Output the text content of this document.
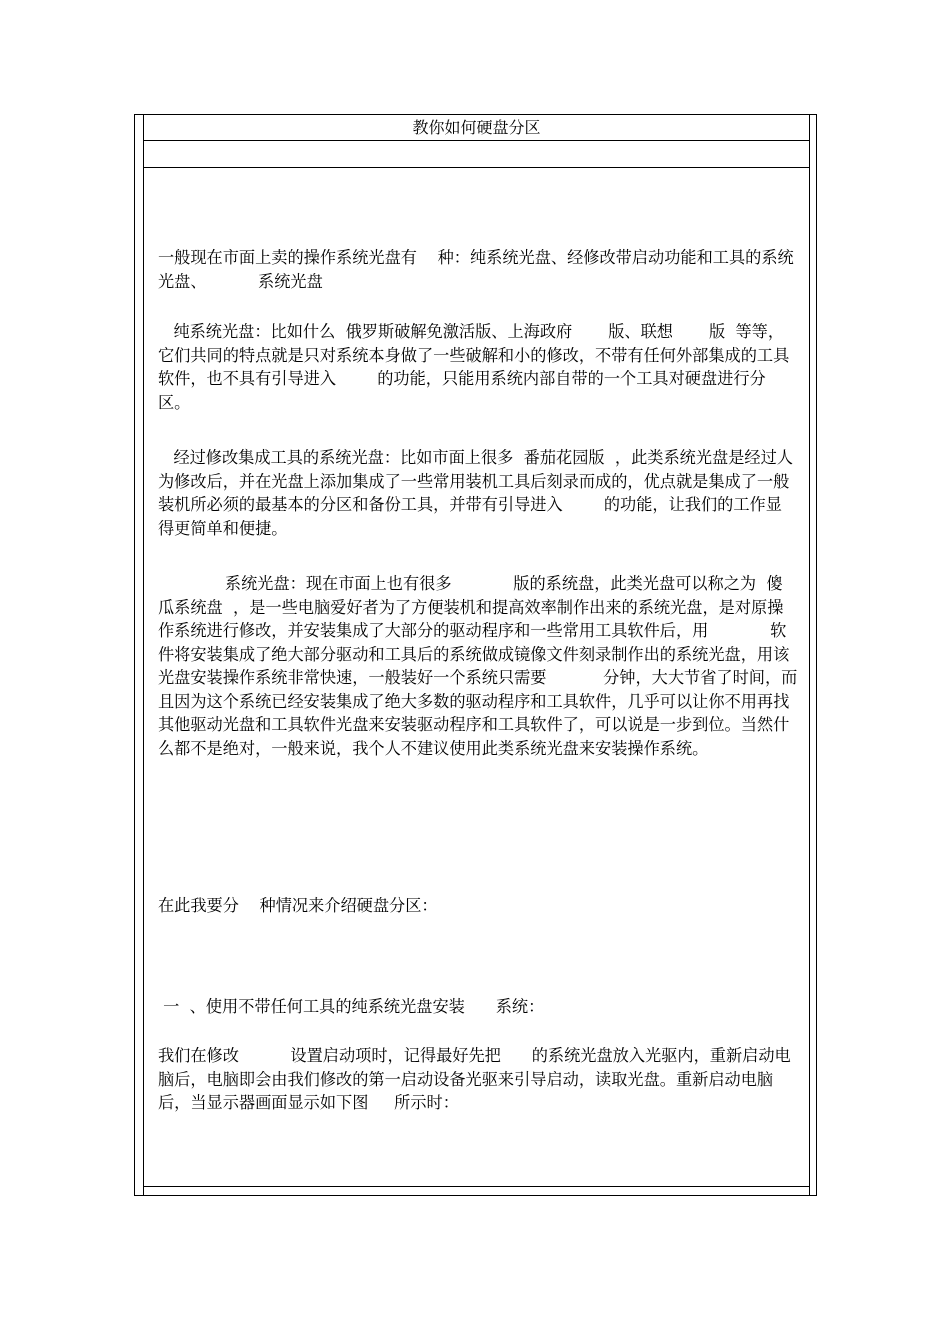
教你如何硬盘分区

一般现在市面上卖的操作系统光盘有    种：纯系统光盘、经修改带启动功能和工具的系统光盘、          系统光盘

纯系统光盘：比如什么  俄罗斯破解免激活版、上海政府       版、联想       版  等等，它们共同的特点就是只对系统本身做了一些破解和小的修改，不带有任何外部集成的工具软件，也不具有引导进入        的功能，只能用系统内部自带的一个工具对硬盘进行分区。

经过修改集成工具的系统光盘：比如市面上很多  番茄花园版  ，此类系统光盘是经过人为修改后，并在光盘上添加集成了一些常用装机工具后刻录而成的，优点就是集成了一般装机所必须的最基本的分区和备份工具，并带有引导进入        的功能，让我们的工作显得更简单和便捷。

系统光盘：现在市面上也有很多            版的系统盘，此类光盘可以称之为  傻瓜系统盘  ，是一些电脑爱好者为了方便装机和提高效率制作出来的系统光盘，是对原操作系统进行修改，并安装集成了大部分的驱动程序和一些常用工具软件后，用            软件将安装集成了绝大部分驱动和工具后的系统做成镜像文件刻录制作出的系统光盘，用该光盘安装操作系统非常快速，一般装好一个系统只需要           分钟，大大节省了时间，而且因为这个系统已经安装集成了绝大多数的驱动程序和工具软件，几乎可以让你不用再找其他驱动光盘和工具软件光盘来安装驱动程序和工具软件了，可以说是一步到位。当然什么都不是绝对，一般来说，我个人不建议使用此类系统光盘来安装操作系统。

在此我要分    种情况来介绍硬盘分区：

一  、使用不带任何工具的纯系统光盘安装      系统：

我们在修改          设置启动项时，记得最好先把      的系统光盘放入光驱内，重新启动电脑后，电脑即会由我们修改的第一启动设备光驱来引导启动，读取光盘。重新启动电脑后，当显示器画面显示如下图     所示时：
